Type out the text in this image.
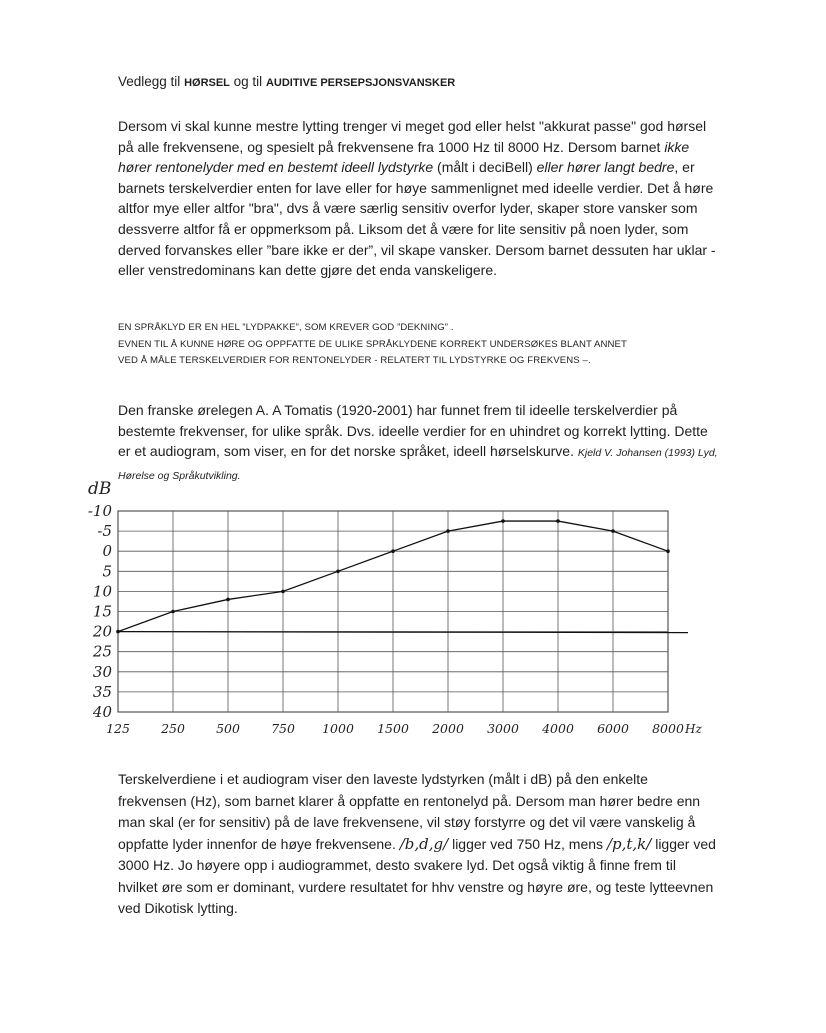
Vedlegg til HØRSEL og til AUDITIVE PERSEPSJONSVANSKER

Dersom vi skal kunne mestre lytting trenger vi meget god eller helst "akkurat passe" god hørsel på alle frekvensene, og spesielt på frekvensene fra 1000 Hz til 8000 Hz. Dersom barnet ikke hører rentonelyder med en bestemt ideell lydstyrke (målt i deciBell) eller hører langt bedre, er barnets terskelverdier enten for lave eller for høye sammenlignet med ideelle verdier. Det å høre altfor mye eller altfor "bra", dvs å være særlig sensitiv overfor lyder, skaper store vansker som dessverre altfor få er oppmerksom på. Liksom det å være for lite sensitiv på noen lyder, som derved forvanskes eller ”bare ikke er der”, vil skape vansker. Dersom barnet dessuten har uklar - eller venstredominans kan dette gjøre det enda vanskeligere.

EN SPRÅKLYD ER EN HEL ”LYDPAKKE”, SOM KREVER GOD ”DEKNING” .
EVNEN TIL Å KUNNE HØRE OG OPPFATTE DE ULIKE SPRÅKLYDENE KORREKT UNDERSØKES BLANT ANNET
VED Å MÅLE TERSKELVERDIER FOR RENTONELYDER - RELATERT TIL LYDSTYRKE OG FREKVENS –.

Den franske ørelegen A. A Tomatis (1920-2001) har funnet frem til ideelle terskelverdier på bestemte frekvenser, for ulike språk. Dvs. ideelle verdier for en uhindret og korrekt lytting. Dette er et audiogram, som viser, en for det norske språket, ideell hørselskurve. Kjeld V. Johansen (1993) Lyd, Hørelse og Språkutvikling.

-10
-5
0
5
10
15
20
25
30
35
40
125 250 500 750 1000 1500 2000 3000 4000 6000 8000
dB
Hz

Terskelverdiene i et audiogram viser den laveste lydstyrken (målt i dB) på den enkelte frekvensen (Hz), som barnet klarer å oppfatte en rentonelyd på. Dersom man hører bedre enn man skal (er for sensitiv) på de lave frekvensene, vil støy forstyrre og det vil være vanskelig å oppfatte lyder innenfor de høye frekvensene. /b,d,g/ ligger ved 750 Hz, mens /p,t,k/ ligger ved 3000 Hz. Jo høyere opp i audiogrammet, desto svakere lyd. Det også viktig å finne frem til hvilket øre som er dominant, vurdere resultatet for hhv venstre og høyre øre, og teste lytteevnen ved Dikotisk lytting.
